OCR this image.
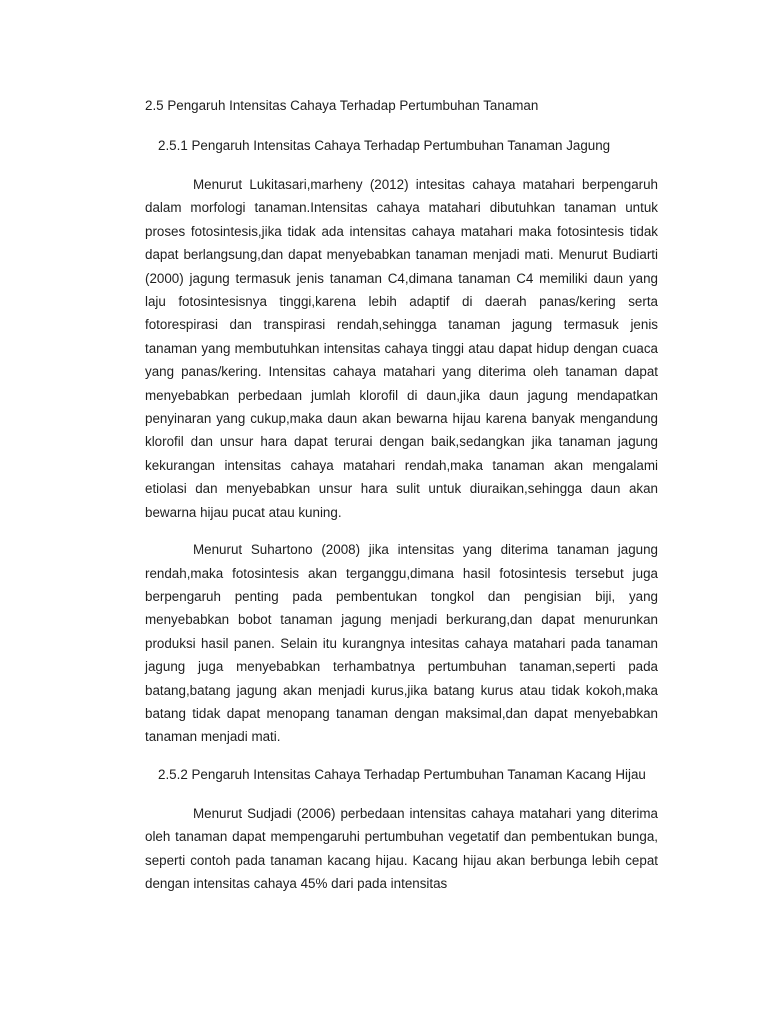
2.5 Pengaruh Intensitas Cahaya Terhadap Pertumbuhan Tanaman
2.5.1 Pengaruh Intensitas Cahaya Terhadap Pertumbuhan Tanaman Jagung

Menurut Lukitasari,marheny (2012) intesitas cahaya matahari berpengaruh dalam morfologi tanaman.Intensitas cahaya matahari dibutuhkan tanaman untuk proses fotosintesis,jika tidak ada intensitas cahaya matahari maka fotosintesis tidak dapat berlangsung,dan dapat menyebabkan tanaman menjadi mati. Menurut Budiarti (2000) jagung termasuk jenis tanaman C4,dimana tanaman C4 memiliki daun yang laju fotosintesisnya tinggi,karena lebih adaptif di daerah panas/kering serta fotorespirasi dan transpirasi rendah,sehingga tanaman jagung termasuk jenis tanaman yang membutuhkan intensitas cahaya tinggi atau dapat hidup dengan cuaca yang panas/kering. Intensitas cahaya matahari yang diterima oleh tanaman dapat menyebabkan perbedaan jumlah klorofil di daun,jika daun jagung mendapatkan penyinaran yang cukup,maka daun akan bewarna hijau karena banyak mengandung klorofil dan unsur hara dapat terurai dengan baik,sedangkan jika tanaman jagung kekurangan intensitas cahaya matahari rendah,maka tanaman akan mengalami etiolasi dan menyebabkan unsur hara sulit untuk diuraikan,sehingga daun akan bewarna hijau pucat atau kuning.

Menurut Suhartono (2008) jika intensitas yang diterima tanaman jagung rendah,maka fotosintesis akan terganggu,dimana hasil fotosintesis tersebut juga berpengaruh penting pada pembentukan tongkol dan pengisian biji, yang menyebabkan bobot tanaman jagung menjadi berkurang,dan dapat menurunkan produksi hasil panen. Selain itu kurangnya intesitas cahaya matahari pada tanaman jagung juga menyebabkan terhambatnya pertumbuhan tanaman,seperti pada batang,batang jagung akan menjadi kurus,jika batang kurus atau tidak kokoh,maka batang tidak dapat menopang tanaman dengan maksimal,dan dapat menyebabkan tanaman menjadi mati.

2.5.2 Pengaruh Intensitas Cahaya Terhadap Pertumbuhan Tanaman Kacang Hijau

Menurut Sudjadi (2006) perbedaan intensitas cahaya matahari yang diterima oleh tanaman dapat mempengaruhi pertumbuhan vegetatif dan pembentukan bunga, seperti contoh pada tanaman kacang hijau. Kacang hijau akan berbunga lebih cepat dengan intensitas cahaya 45% dari pada intensitas
